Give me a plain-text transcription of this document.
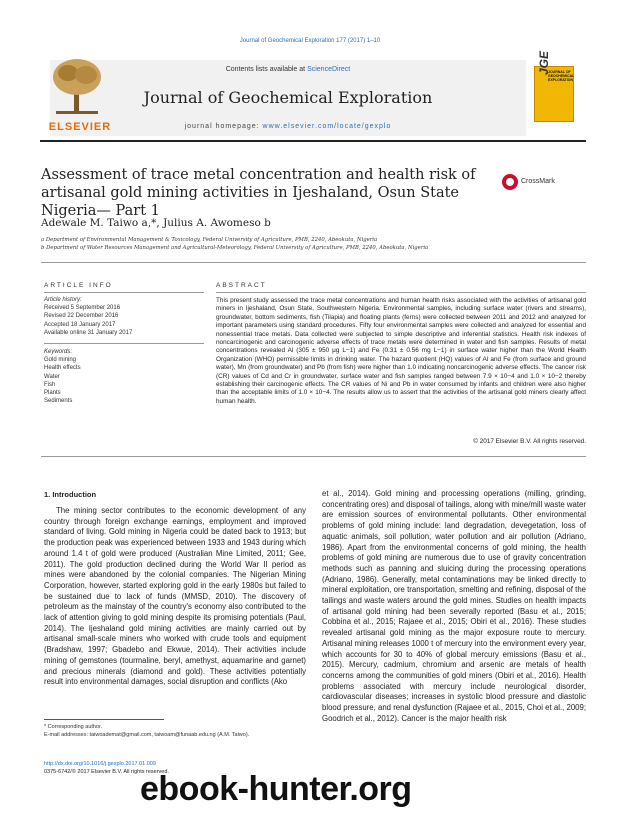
Journal of Geochemical Exploration 177 (2017) 1–10
Contents lists available at ScienceDirect
Journal of Geochemical Exploration
journal homepage: www.elsevier.com/locate/gexplo
ELSEVIER
JGE
JOURNAL OF GEOCHEMICAL EXPLORATION
Assessment of trace metal concentration and health risk of artisanal gold mining activities in Ijeshaland, Osun State Nigeria— Part 1
CrossMark
Adewale M. Taiwo a,*, Julius A. Awomeso b
a Department of Environmental Management & Toxicology, Federal University of Agriculture, PMB, 2240, Abeokuta, Nigeria
b Department of Water Resources Management and Agricultural-Meteorology, Federal University of Agriculture, PMB, 2240, Abeokuta, Nigeria
ARTICLE INFO
Article history:
Received 5 September 2016
Revised 22 December 2016
Accepted 18 January 2017
Available online 31 January 2017
Keywords:
Gold mining
Health effects
Water
Fish
Plants
Sediments
ABSTRACT
This present study assessed the trace metal concentrations and human health risks associated with the activities of artisanal gold miners in Ijeshaland, Osun State, Southwestern Nigeria. Environmental samples, including surface water (rivers and streams), groundwater, bottom sediments, fish (Tilapia) and floating plants (ferns) were collected between 2011 and 2012 and analyzed for important parameters using standard procedures. Fifty four environmental samples were collected and analyzed for essential and nonessential trace metals. Data collected were subjected to simple descriptive and inferential statistics. Health risk indexes of noncarcinogenic and carcinogenic adverse effects of trace metals were determined in water and fish samples. Results of metal concentrations revealed Al (305 ± 950 μg L−1) and Fe (0.31 ± 0.56 mg L−1) in surface water higher than the World Health Organization (WHO) permissible limits in drinking water. The hazard quotient (HQ) values of Al and Fe (from surface and ground water), Mn (from groundwater) and Pb (from fish) were higher than 1.0 indicating noncarcinogenic adverse effects. The cancer risk (CR) values of Cd and Cr in groundwater, surface water and fish samples ranged between 7.9 × 10−4 and 1.0 × 10−2 thereby establishing their carcinogenic effects. The CR values of Ni and Pb in water consumed by infants and children were also higher than the acceptable limits of 1.0 × 10−4. The results allow us to assert that the activities of the artisanal gold miners clearly affect human health.
© 2017 Elsevier B.V. All rights reserved.
1. Introduction

The mining sector contributes to the economic development of any country through foreign exchange earnings, employment and improved standard of living. Gold mining in Nigeria could be dated back to 1913; but the production peak was experienced between 1933 and 1943 during which around 1.4 t of gold were produced (Australian Mine Limited, 2011; Gee, 2011). The gold production declined during the World War II period as mines were abandoned by the colonial companies. The Nigerian Mining Corporation, however, started exploring gold in the early 1980s but failed to be sustained due to lack of funds (MMSD, 2010). The discovery of petroleum as the mainstay of the country's economy also contributed to the lack of attention giving to gold mining despite its promising potentials (Paul, 2014). The Ijeshaland gold mining activities are mainly carried out by artisanal small-scale miners who worked with crude tools and equipment (Bradshaw, 1997; Gbadebo and Ekwue, 2014). Their activities include mining of gemstones (tourmaline, beryl, amethyst, aquamarine and garnet) and precious minerals (diamond and gold). These activities potentially result into environmental damages, social disruption and conflicts (Ako

et al., 2014). Gold mining and processing operations (milling, grinding, concentrating ores) and disposal of tailings, along with mine/mill waste water are emission sources of environmental pollutants. Other environmental problems of gold mining include: land degradation, devegetation, loss of aquatic animals, soil pollution, water pollution and air pollution (Adriano, 1986). Apart from the environmental concerns of gold mining, the health problems of gold mining are numerous due to use of gravity concentration methods such as panning and sluicing during the processing operations (Adriano, 1986). Generally, metal contaminations may be linked directly to mineral exploitation, ore transportation, smelting and refining, disposal of the tailings and waste waters around the gold mines. Studies on health impacts of artisanal gold mining had been severally reported (Basu et al., 2015; Cobbina et al., 2015; Rajaee et al., 2015; Obiri et al., 2016). These studies revealed artisanal gold mining as the major exposure route to mercury. Artisanal mining releases 1000 t of mercury into the environment every year, which accounts for 30 to 40% of global mercury emissions (Basu et al., 2015). Mercury, cadmium, chromium and arsenic are metals of health concerns among the communities of gold miners (Obiri et al., 2016). Health problems associated with mercury include neurological disorder, cardiovascular diseases; increases in systolic blood pressure and diastolic blood pressure, and renal dysfunction (Rajaee et al., 2015, Choi et al., 2009; Goodrich et al., 2012). Cancer is the major health risk

* Corresponding author.
E-mail addresses: taiwoademat@gmail.com, taiwoam@funaab.edu.ng (A.M. Taiwo).
http://dx.doi.org/10.1016/j.gexplo.2017.01.009
0375-6742/© 2017 Elsevier B.V. All rights reserved.
ebook-hunter.org
